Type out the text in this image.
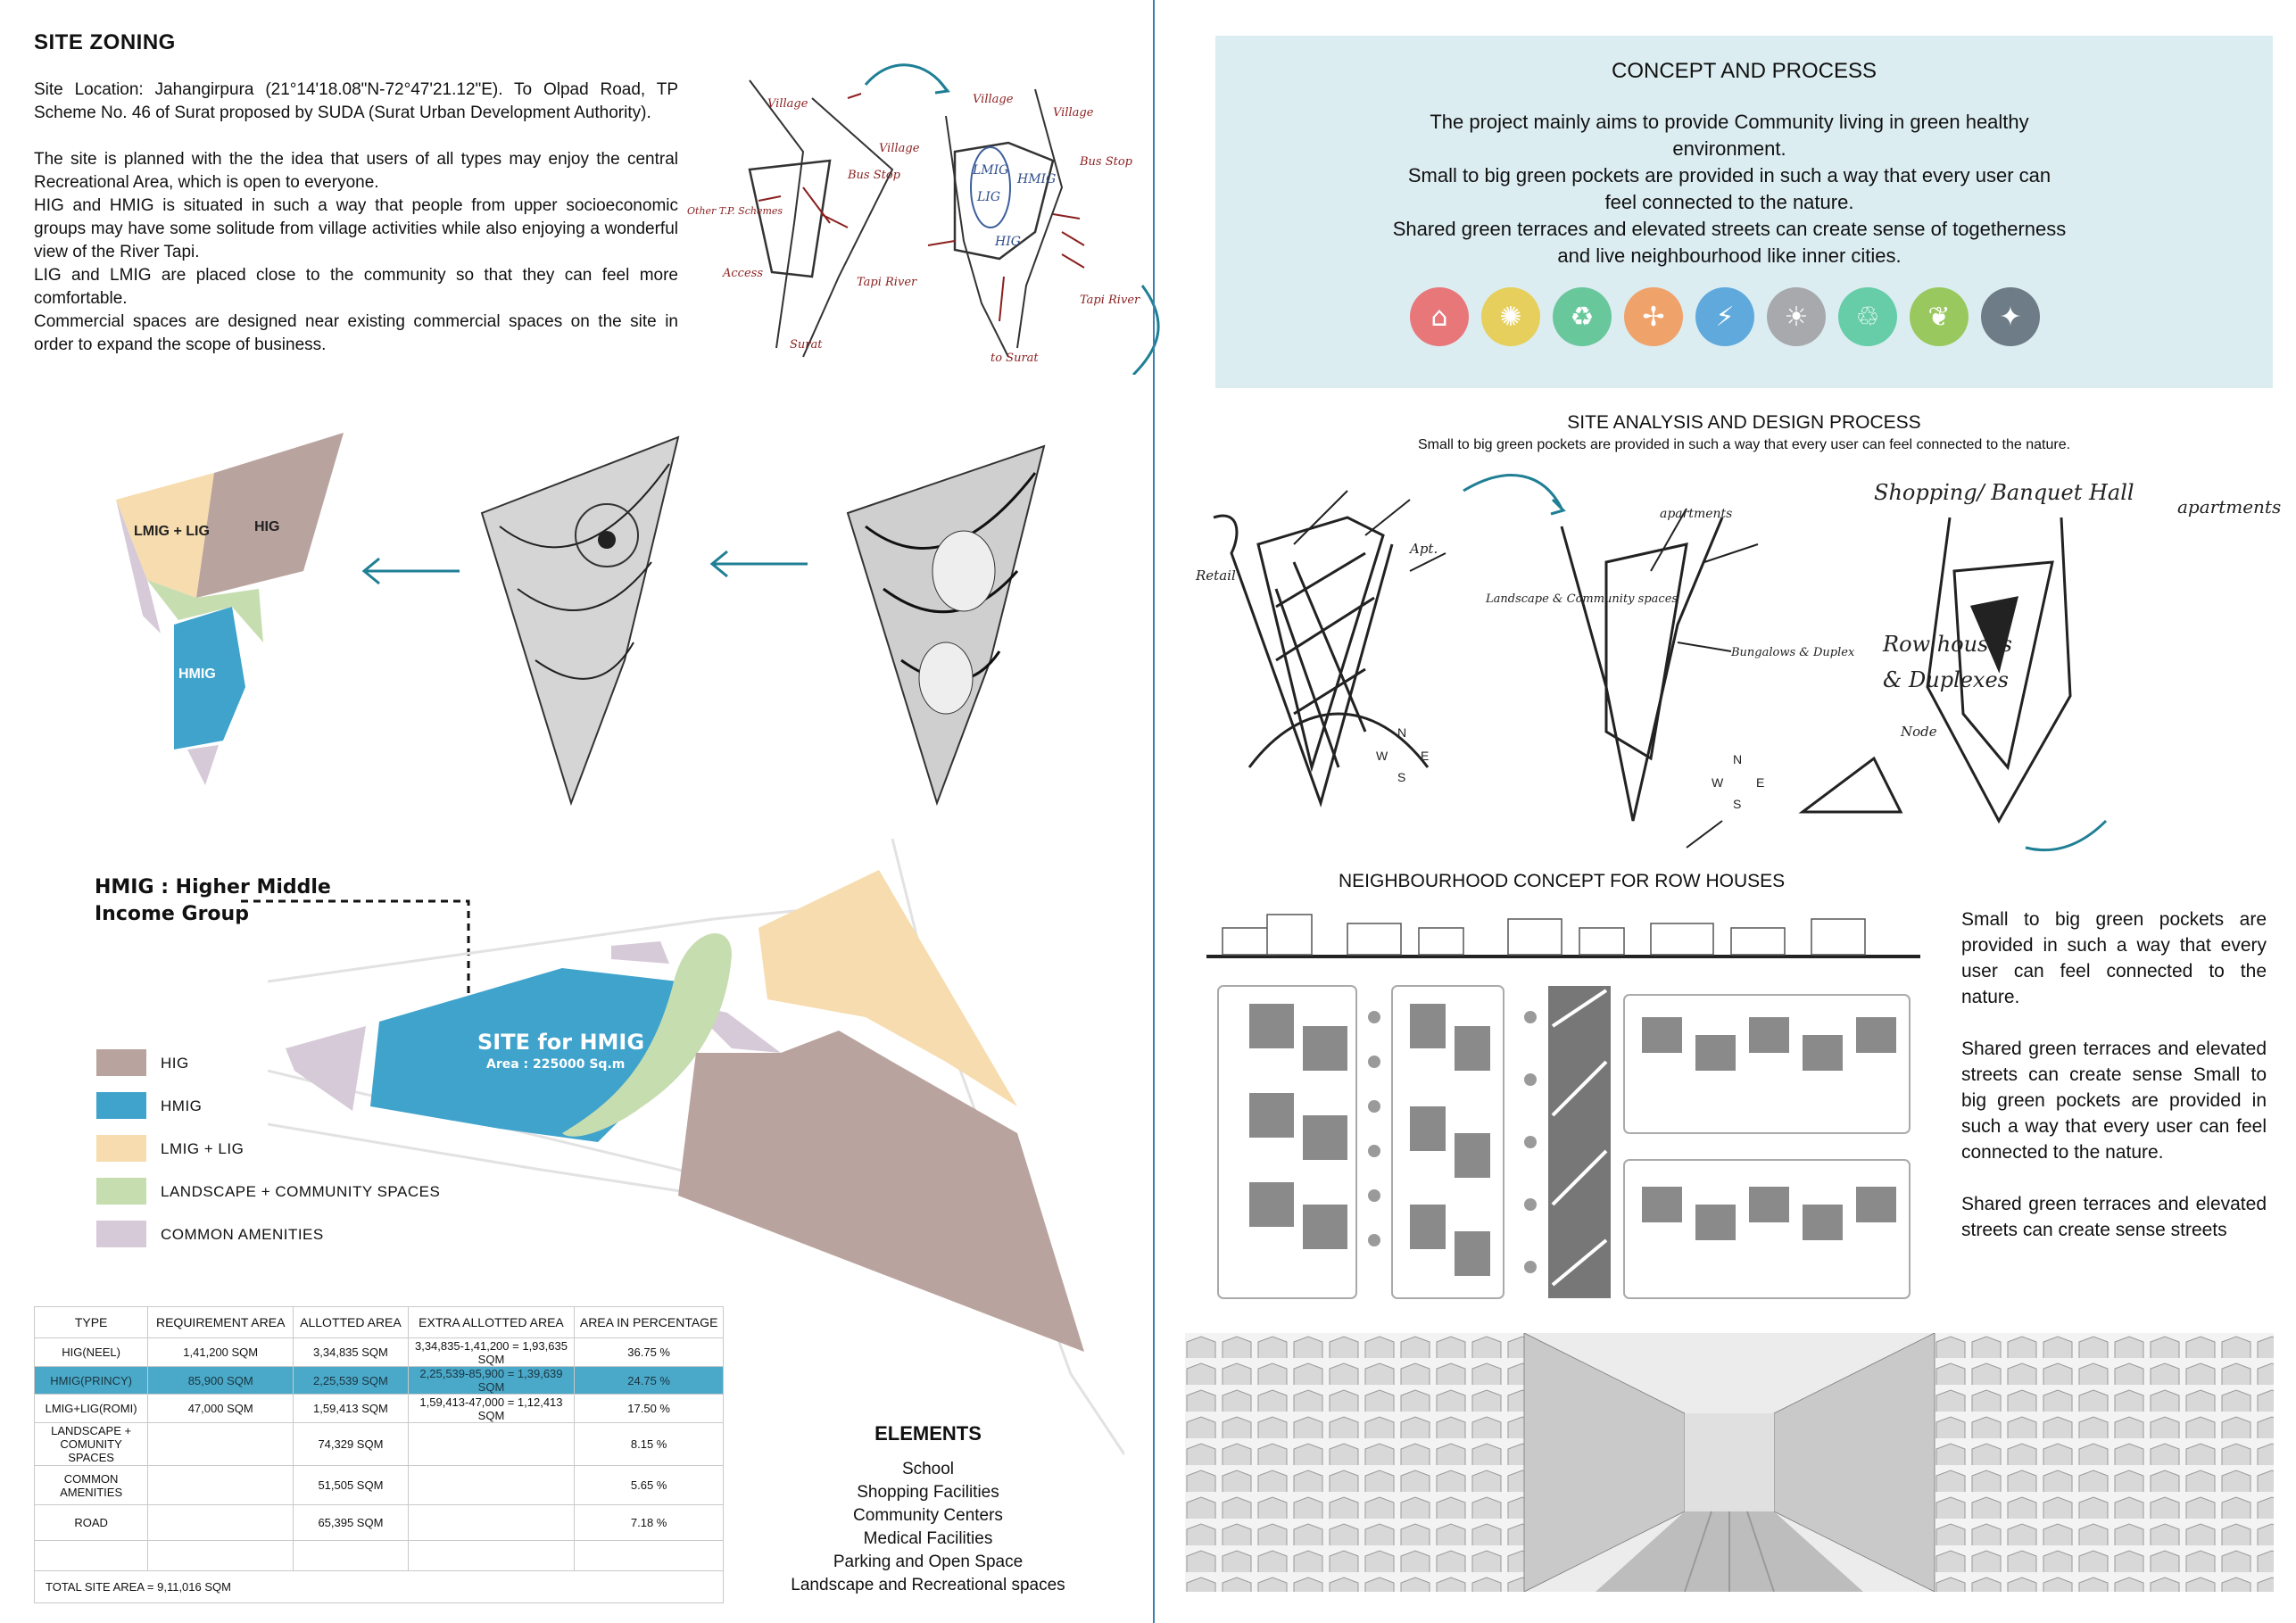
SITE ZONING

Site Location: Jahangirpura (21°14'18.08"N-72°47'21.12"E). To Olpad Road, TP Scheme No. 46 of Surat proposed by SUDA (Surat Urban Development Authority).

The site is planned with the the idea that users of all types may enjoy the central Recreational Area, which is open to everyone.

HIG and HMIG is situated in such a way that people from upper socioeconomic groups may have some solitude from village activities while also enjoying a wonderful view of the River Tapi.

LIG and LMIG are placed close to the community so that they can feel more comfortable.

Commercial spaces are designed near existing commercial spaces on the site in order to expand the scope of business.

Village
Village
Village
Village
Bus Stop
Bus Stop
Access
Tapi River
Tapi River
to Surat
Surat
Other T.P. Schemes
LMIG
LIG
HMIG
HIG
LMIG + LIG	HIG
HMIG
HMIG : Higher Middle
Income Group
SITE for HMIG
Area : 225000 Sq.m
HIG
HMIG
LMIG + LIG
LANDSCAPE + COMMUNITY SPACES
COMMON AMENITIES
TYPE	REQUIREMENT AREA	ALLOTTED AREA	EXTRA ALLOTTED AREA	AREA IN PERCENTAGE
HIG(NEEL)	1,41,200 SQM	3,34,835 SQM	3,34,835-1,41,200 = 1,93,635 SQM	36.75 %
HMIG(PRINCY)	85,900 SQM	2,25,539 SQM	2,25,539-85,900 = 1,39,639 SQM	24.75 %
LMIG+LIG(ROMI)	47,000 SQM	1,59,413 SQM	1,59,413-47,000 = 1,12,413 SQM	17.50 %
LANDSCAPE + COMUNITY SPACES		74,329 SQM		8.15 %
COMMON AMENITIES		51,505 SQM		5.65 %
ROAD		65,395 SQM		7.18 %

TOTAL SITE AREA = 9,11,016 SQM				
ELEMENTS
School
Shopping Facilities
Community Centers
Medical Facilities
Parking and Open Space
Landscape and Recreational spaces
CONCEPT AND PROCESS

The project mainly aims to provide Community living in green healthy environment.

Small to big green pockets are provided in such a way that every user can feel connected to the nature.

Shared green terraces and elevated streets can create sense of togetherness and live neighbourhood like inner cities.

⌂	✺	♻	✢	⚡	☀	♲	❦	✦
SITE ANALYSIS AND DESIGN PROCESS
Small to big green pockets are provided in such a way that every user can feel connected to the nature.
Retail
Apt.
apartments
Landscape & Community spaces
Bungalows & Duplex
Shopping/ Banquet Hall
apartments
Row houses
& Duplexes
Node
N
S
W	E	N
S
W	E
NEIGHBOURHOOD CONCEPT FOR ROW HOUSES

Small to big green pockets are provided in such a way that every user can feel connected to the nature.

Shared green terraces and elevated streets can create sense Small to big green pockets are provided in such a way that every user can feel connected to the nature.

Shared green terraces and elevated streets can create sense streets
